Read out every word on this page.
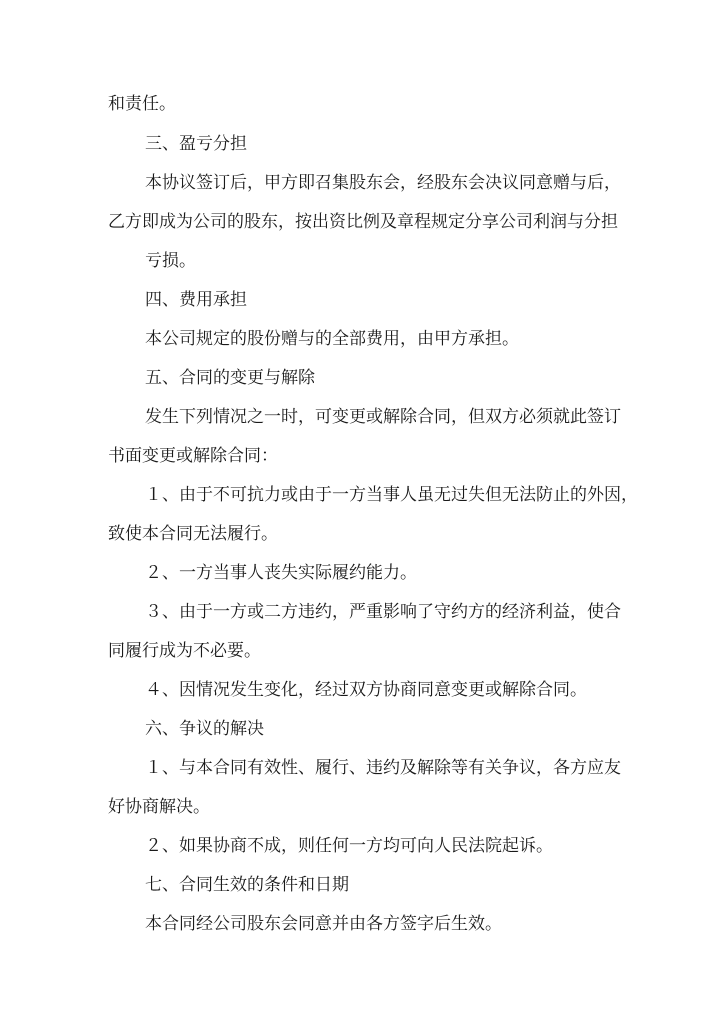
和责任。
三、盈亏分担
本协议签订后，甲方即召集股东会，经股东会决议同意赠与后，
乙方即成为公司的股东，按出资比例及章程规定分享公司利润与分担
亏损。
四、费用承担
本公司规定的股份赠与的全部费用，由甲方承担。
五、合同的变更与解除
发生下列情况之一时，可变更或解除合同，但双方必须就此签订
书面变更或解除合同：
１、由于不可抗力或由于一方当事人虽无过失但无法防止的外因，
致使本合同无法履行。
２、一方当事人丧失实际履约能力。
３、由于一方或二方违约，严重影响了守约方的经济利益，使合
同履行成为不必要。
４、因情况发生变化，经过双方协商同意变更或解除合同。
六、争议的解决
１、与本合同有效性、履行、违约及解除等有关争议，各方应友
好协商解决。
２、如果协商不成，则任何一方均可向人民法院起诉。
七、合同生效的条件和日期
本合同经公司股东会同意并由各方签字后生效。
